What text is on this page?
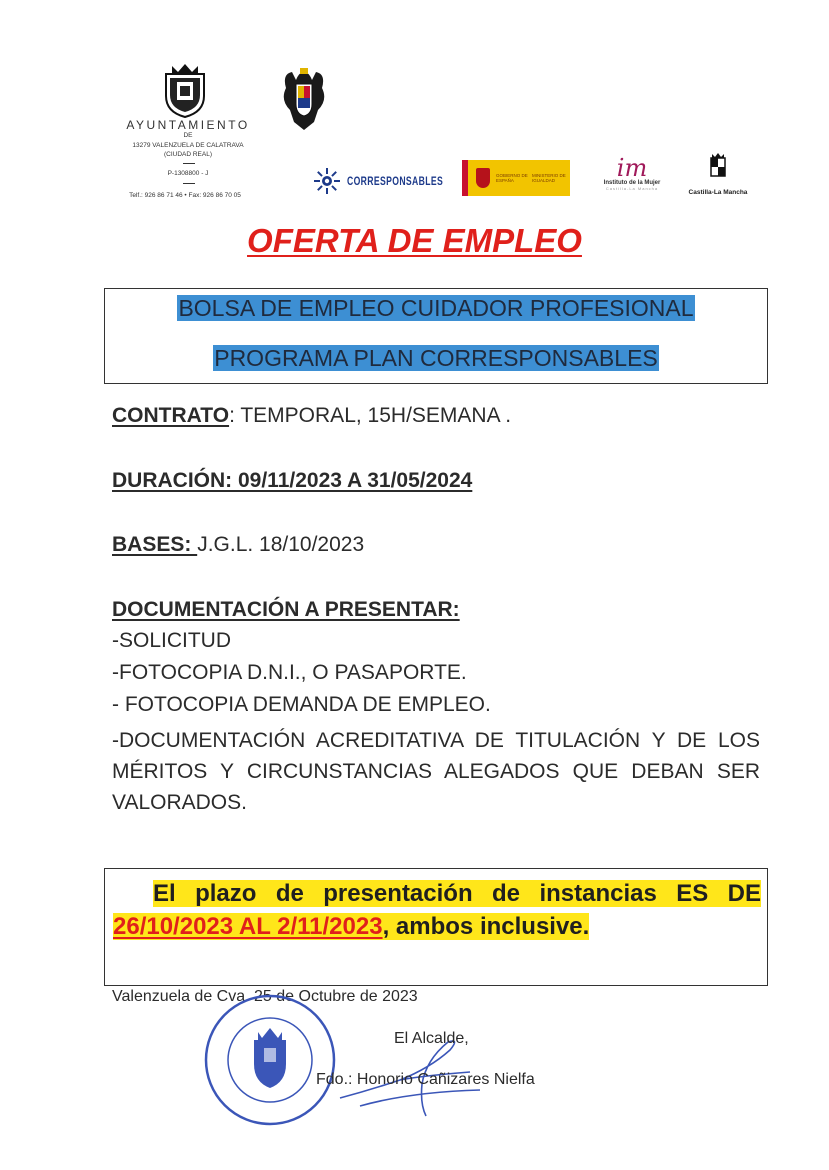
AYUNTAMIENTO
DE
13279 VALENZUELA DE CALATRAVA
(CIUDAD REAL)
P-1308800 - J
Telf.: 926 86 71 46 • Fax: 926 86 70 05
CORRESPONSABLES	GOBIERNO DE ESPAÑA
MINISTERIO DE IGUALDAD	im
Instituto de la Mujer
Castilla-La Mancha
Castilla-La Mancha
OFERTA DE EMPLEO
BOLSA DE EMPLEO CUIDADOR PROFESIONAL
PROGRAMA PLAN CORRESPONSABLES
CONTRATO: TEMPORAL, 15H/SEMANA .
DURACIÓN: 09/11/2023 A 31/05/2024
BASES: J.G.L. 18/10/2023
DOCUMENTACIÓN A PRESENTAR:
-SOLICITUD
-FOTOCOPIA D.N.I., O PASAPORTE.
- FOTOCOPIA DEMANDA DE EMPLEO.
-DOCUMENTACIÓN ACREDITATIVA DE TITULACIÓN Y DE LOS MÉRITOS Y CIRCUNSTANCIAS ALEGADOS QUE DEBAN SER VALORADOS.
El plazo de presentación de instancias ES DE 26/10/2023 AL 2/11/2023, ambos inclusive.
Valenzuela de Cva. 25 de Octubre de 2023
El Alcalde,
Fdo.: Honorio Cañizares Nielfa
